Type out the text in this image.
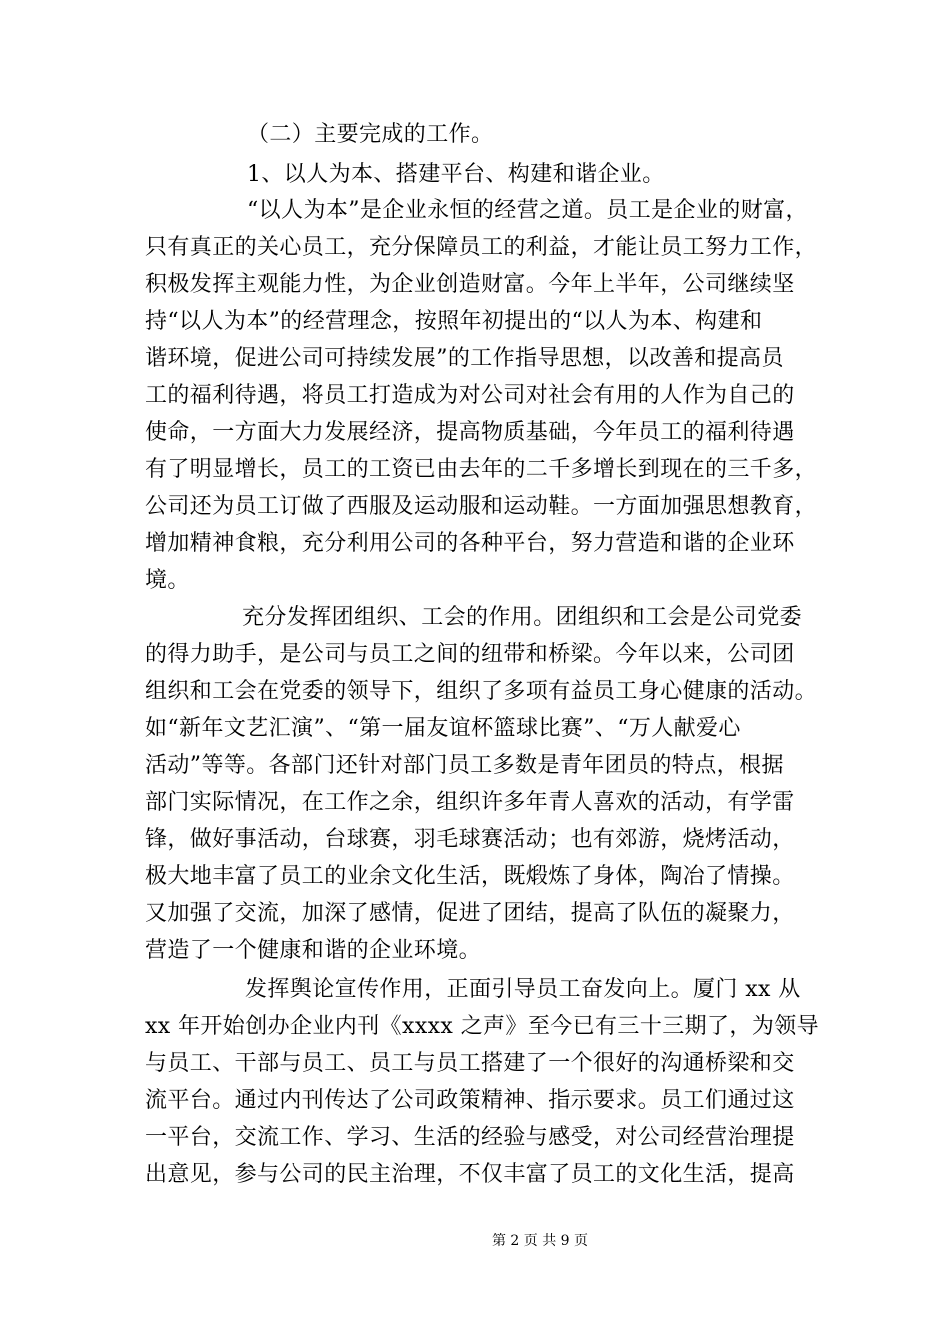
（二）主要完成的工作。
1、以人为本、搭建平台、构建和谐企业。
“以人为本”是企业永恒的经营之道。员工是企业的财富，
只有真正的关心员工，充分保障员工的利益，才能让员工努力工作，
积极发挥主观能力性，为企业创造财富。今年上半年，公司继续坚
持“以人为本”的经营理念，按照年初提出的“以人为本、构建和
谐环境，促进公司可持续发展”的工作指导思想，以改善和提高员
工的福利待遇，将员工打造成为对公司对社会有用的人作为自己的
使命，一方面大力发展经济，提高物质基础，今年员工的福利待遇
有了明显增长，员工的工资已由去年的二千多增长到现在的三千多，
公司还为员工订做了西服及运动服和运动鞋。一方面加强思想教育，
增加精神食粮，充分利用公司的各种平台，努力营造和谐的企业环
境。
充分发挥团组织、工会的作用。团组织和工会是公司党委
的得力助手，是公司与员工之间的纽带和桥梁。今年以来，公司团
组织和工会在党委的领导下，组织了多项有益员工身心健康的活动。
如“新年文艺汇演”、“第一届友谊杯篮球比赛”、“万人献爱心
活动”等等。各部门还针对部门员工多数是青年团员的特点，根据
部门实际情况，在工作之余，组织许多年青人喜欢的活动，有学雷
锋，做好事活动，台球赛，羽毛球赛活动；也有郊游，烧烤活动，
极大地丰富了员工的业余文化生活，既煅炼了身体，陶冶了情操。
又加强了交流，加深了感情，促进了团结，提高了队伍的凝聚力，
营造了一个健康和谐的企业环境。
发挥舆论宣传作用，正面引导员工奋发向上。厦门 xx 从
xx 年开始创办企业内刊《xxxx 之声》至今已有三十三期了，为领导
与员工、干部与员工、员工与员工搭建了一个很好的沟通桥梁和交
流平台。通过内刊传达了公司政策精神、指示要求。员工们通过这
一平台，交流工作、学习、生活的经验与感受，对公司经营治理提
出意见，参与公司的民主治理，不仅丰富了员工的文化生活，提高
第 2 页 共 9 页
